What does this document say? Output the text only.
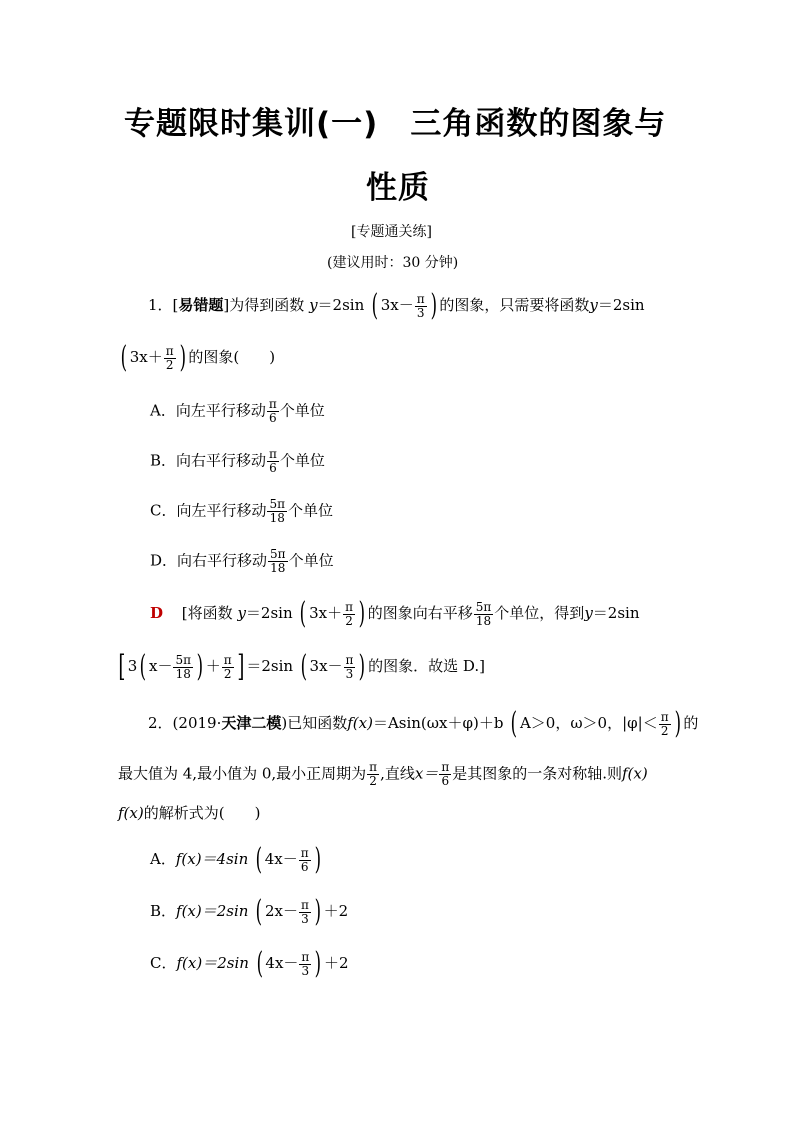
专题限时集训(一)　三角函数的图象与
性质
[专题通关练]
(建议用时：30 分钟)
1．[易错题]为得到函数 y＝2sin ( $3x- \frac{\pi}{3}$ ) 的图象，只需要将函数y＝2sin
( $3x+ \frac{\pi}{2}$ ) 的图象(　　)
A．向左平行移动 $\frac{\pi}{6}$ 个单位
B．向右平行移动 $\frac{\pi}{6}$ 个单位
C．向左平行移动 $\frac{5\pi}{18}$ 个单位
D．向右平行移动 $\frac{5\pi}{18}$ 个单位
D [将函数 y＝2sin ( $3x+ \frac{\pi}{2}$ ) 的图象向右平移 $\frac{5\pi}{18}$ 个单位，得到y＝2sin
[ 3( $x- \frac{5\pi}{18}$ ) ＋ $\frac{\pi}{2}$ ] ＝2sin ( $3x- \frac{\pi}{3}$ ) 的图象．故选 D.]
2．(2019·天津二模)已知函数f(x)＝Asin(ωx＋φ)＋b ( A＞0，ω＞0，$|\varphi|< \frac{\pi}{2}$ ) 的
最大值为 4,最小值为 0,最小正周期为 $\frac{\pi}{2}$ ,直线$x= \frac{\pi}{6}$ 是其图象的一条对称轴.则f(x)
f(x)的解析式为(　　)
A．f(x)＝4sin ( $4x- \frac{\pi}{6}$ )
B．f(x)＝2sin ( $2x- \frac{\pi}{3}$ ) ＋2
C．f(x)＝2sin ( $4x- \frac{\pi}{3}$ ) ＋2
